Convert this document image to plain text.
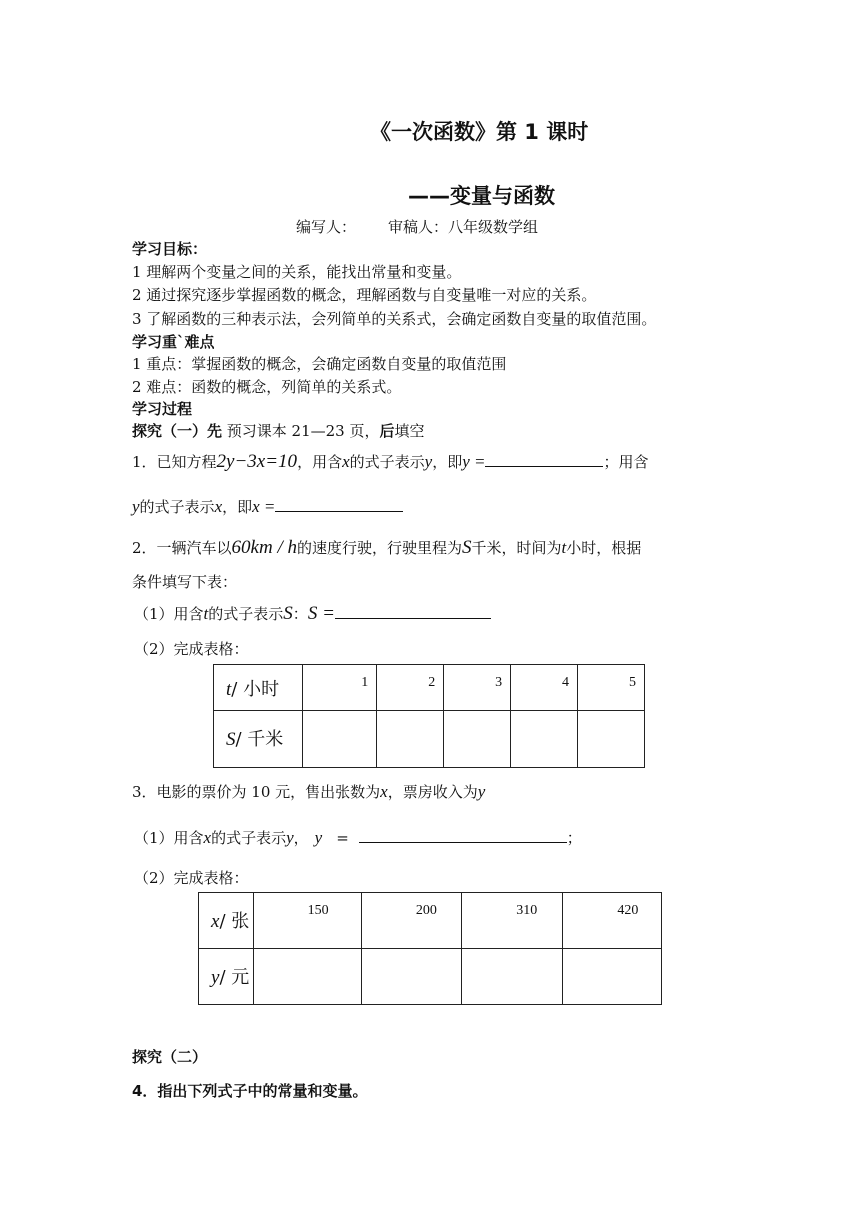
《一次函数》第 1 课时
——变量与函数
编写人： 审稿人：八年级数学组
学习目标：
1 理解两个变量之间的关系，能找出常量和变量。
2 通过探究逐步掌握函数的概念，理解函数与自变量唯一对应的关系。
3 了解函数的三种表示法，会列简单的关系式，会确定函数自变量的取值范围。
学习重`难点
1 重点：掌握函数的概念，会确定函数自变量的取值范围
2 难点：函数的概念，列简单的关系式。
学习过程
探究（一）先 预习课本 21—23 页，后填空
1．已知方程2y−3x=10，用含x的式子表示y，即y =	；用含
y的式子表示x，即x =
2．一辆汽车以60km / h的速度行驶，行驶里程为S千米，时间为t小时，根据
条件填写下表：
（1）用含t的式子表示S：S =
（2）完成表格：
t/ 小时	1	2	3	4	5
S/ 千米					
3．电影的票价为 10 元，售出张数为x，票房收入为y
（1）用含x的式子表示y， y =	；
（2）完成表格：
x/ 张	150	200	310	420
y/ 元				
探究（二）
4．指出下列式子中的常量和变量。
